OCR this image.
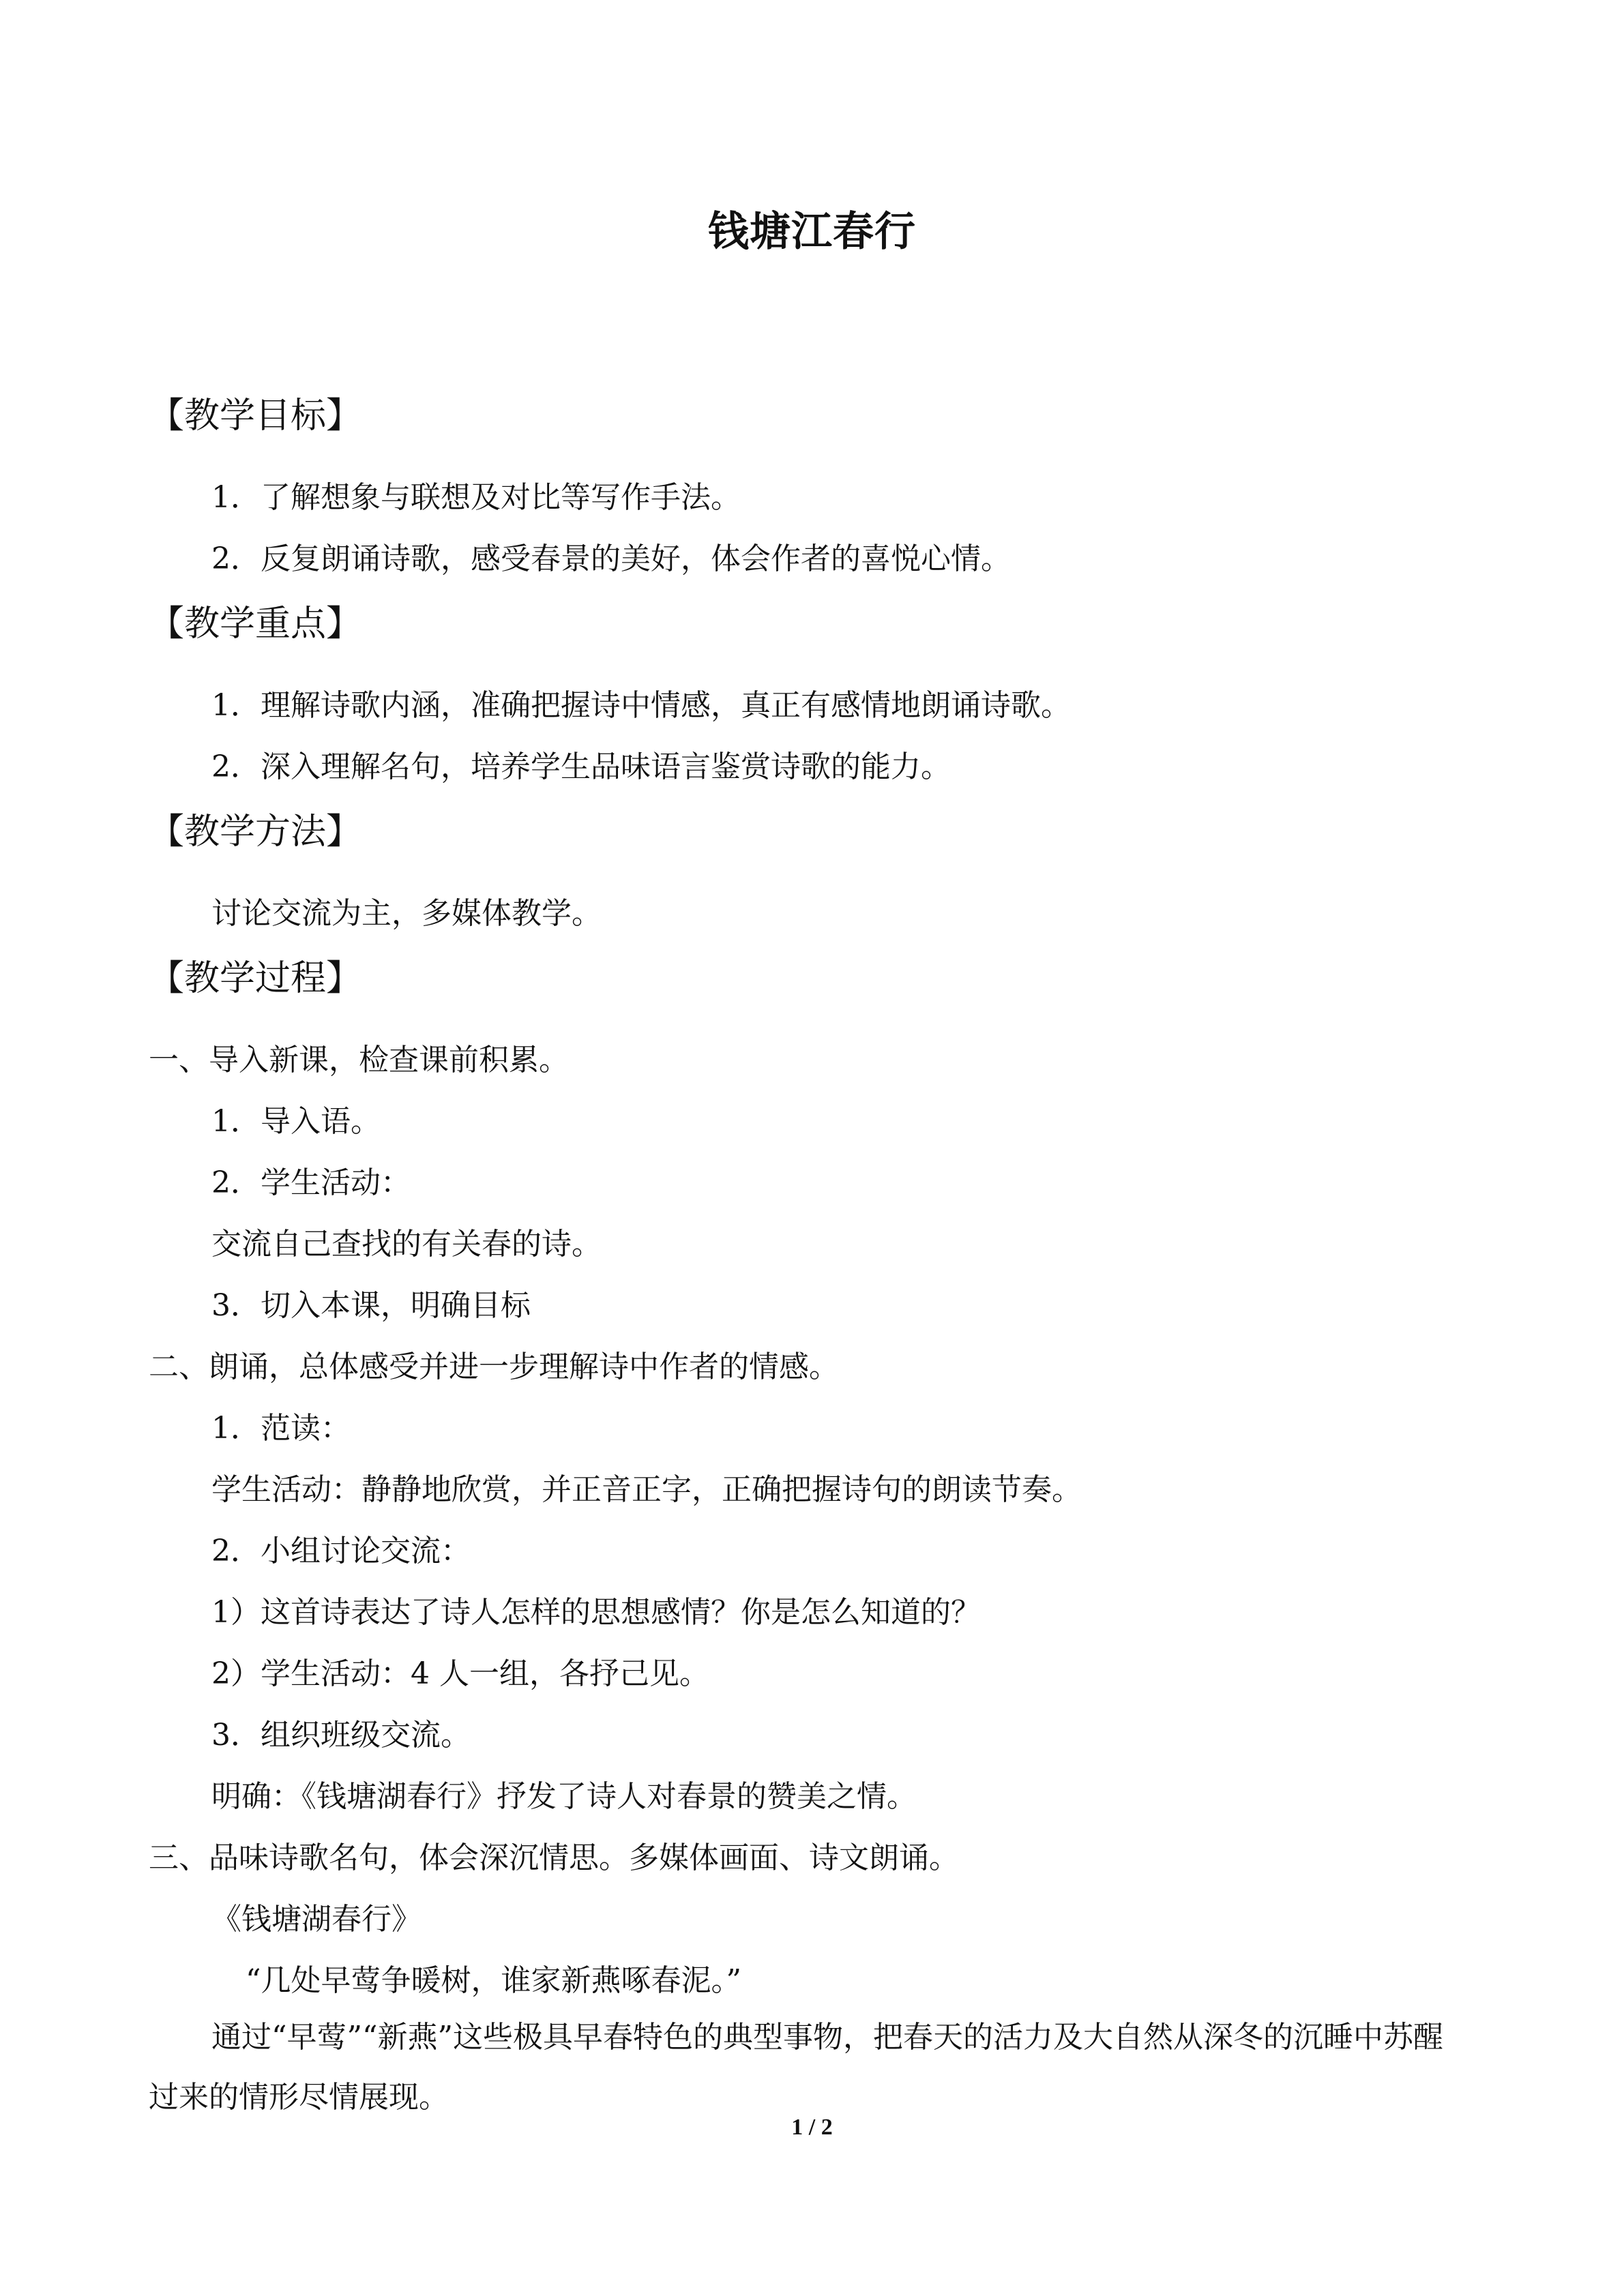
钱塘江春行
【教学目标】
1．了解想象与联想及对比等写作手法。
2．反复朗诵诗歌，感受春景的美好，体会作者的喜悦心情。
【教学重点】
1．理解诗歌内涵，准确把握诗中情感，真正有感情地朗诵诗歌。
2．深入理解名句，培养学生品味语言鉴赏诗歌的能力。
【教学方法】
讨论交流为主，多媒体教学。
【教学过程】
一、导入新课，检查课前积累。
1．导入语。
2．学生活动：
交流自己查找的有关春的诗。
3．切入本课，明确目标
二、朗诵，总体感受并进一步理解诗中作者的情感。
1．范读：
学生活动：静静地欣赏，并正音正字，正确把握诗句的朗读节奏。
2．小组讨论交流：
1）这首诗表达了诗人怎样的思想感情？你是怎么知道的？
2）学生活动：4 人一组，各抒己见。
3．组织班级交流。
明确：《钱塘湖春行》抒发了诗人对春景的赞美之情。
三、品味诗歌名句，体会深沉情思。多媒体画面、诗文朗诵。
《钱塘湖春行》
“几处早莺争暖树，谁家新燕啄春泥。”
通过“早莺”“新燕”这些极具早春特色的典型事物，把春天的活力及大自然从深冬的沉睡中苏醒过来的情形尽情展现。
1 / 2
